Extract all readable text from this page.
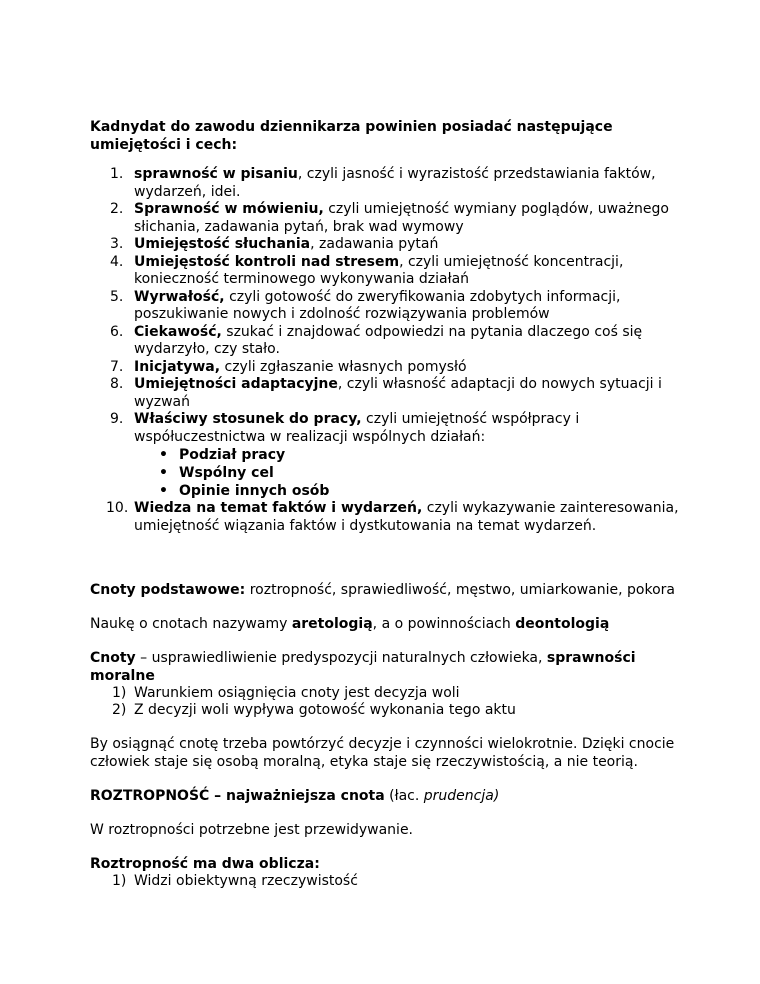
Kadnydat do zawodu dziennikarza powinien posiadać następujące umiejętości i cech:

1. sprawność w pisaniu, czyli jasność i wyrazistość przedstawiania faktów, wydarzeń, idei.
2. Sprawność w mówieniu, czyli umiejętność wymiany poglądów, uważnego słichania, zadawania pytań, brak wad wymowy
3. Umiejęstość słuchania, zadawania pytań
4. Umiejęstość kontroli nad stresem, czyli umiejętność koncentracji, konieczność terminowego wykonywania działań
5. Wyrwałość, czyli gotowość do zweryfikowania zdobytych informacji, poszukiwanie nowych i zdolność rozwiązywania problemów
6. Ciekawość, szukać i znajdować odpowiedzi na pytania dlaczego coś się wydarzyło, czy stało.
7. Inicjatywa, czyli zgłaszanie własnych pomysłó
8. Umiejętności adaptacyjne, czyli własność adaptacji do nowych sytuacji i wyzwań
9. Właściwy stosunek do pracy, czyli umiejętność współpracy i współuczestnictwa w realizacji wspólnych działań:
• Podział pracy
• Wspólny cel
• Opinie innych osób
10. Wiedza na temat faktów i wydarzeń, czyli wykazywanie zainteresowania, umiejętność wiązania faktów i dystkutowania na temat wydarzeń.

Cnoty podstawowe: roztropność, sprawiedliwość, męstwo, umiarkowanie, pokora

Naukę o cnotach nazywamy aretologią, a o powinnościach deontologią

Cnoty – usprawiedliwienie predyspozycji naturalnych człowieka, sprawności moralne

1) Warunkiem osiągnięcia cnoty jest decyzja woli
2) Z decyzji woli wypływa gotowość wykonania tego aktu

By osiągnąć cnotę trzeba powtórzyć decyzje i czynności wielokrotnie. Dzięki cnocie człowiek staje się osobą moralną, etyka staje się rzeczywistością, a nie teorią.

ROZTROPNOŚĆ – najważniejsza cnota (łac. prudencja)

W roztropności potrzebne jest przewidywanie.

Roztropność ma dwa oblicza:

1) Widzi obiektywną rzeczywistość
